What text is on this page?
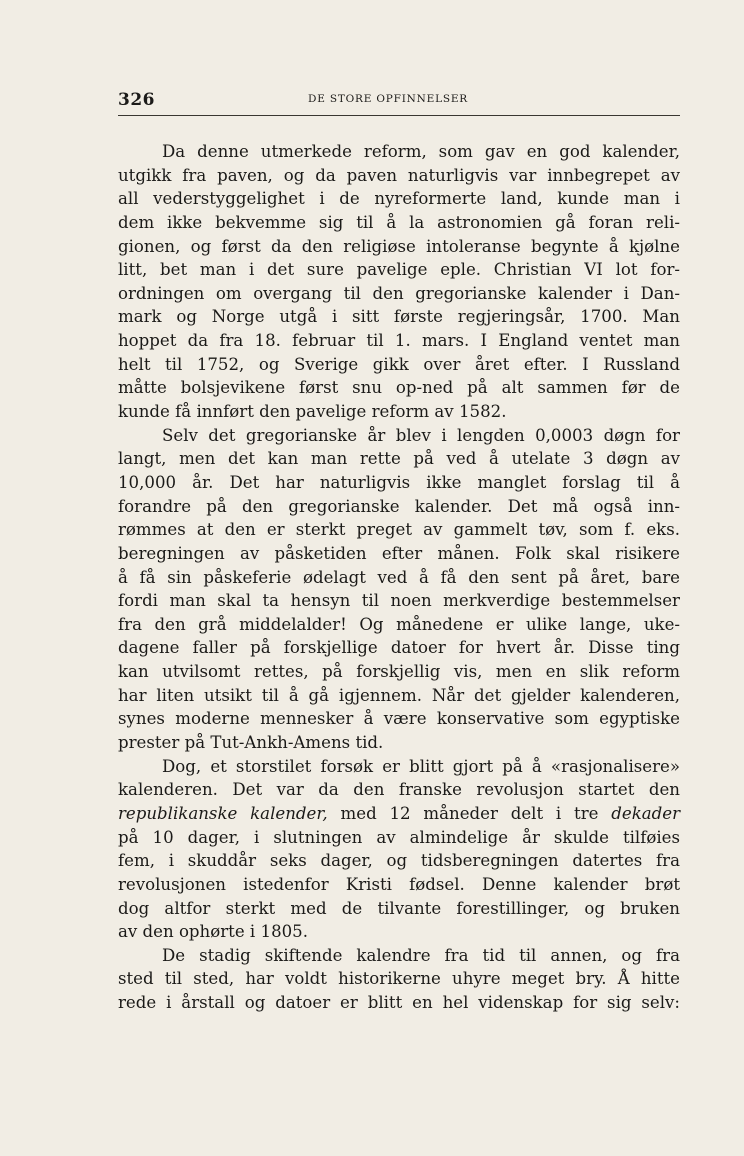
326	DE STORE OPFINNELSER
Da denne utmerkede reform, som gav en god kalender,
utgikk fra paven, og da paven naturligvis var innbegrepet av
all vederstyggelighet i de nyreformerte land, kunde man i
dem ikke bekvemme sig til å la astronomien gå foran reli-
gionen, og først da den religiøse intoleranse begynte å kjølne
litt, bet man i det sure pavelige eple. Christian VI lot for-
ordningen om overgang til den gregorianske kalender i Dan-
mark og Norge utgå i sitt første regjeringsår, 1700. Man
hoppet da fra 18. februar til 1. mars. I England ventet man
helt til 1752, og Sverige gikk over året efter. I Russland
måtte bolsjevikene først snu op-ned på alt sammen før de
kunde få innført den pavelige reform av 1582.
Selv det gregorianske år blev i lengden 0,0003 døgn for
langt, men det kan man rette på ved å utelate 3 døgn av
10,000 år. Det har naturligvis ikke manglet forslag til å
forandre på den gregorianske kalender. Det må også inn-
rømmes at den er sterkt preget av gammelt tøv, som f. eks.
beregningen av påsketiden efter månen. Folk skal risikere
å få sin påskeferie ødelagt ved å få den sent på året, bare
fordi man skal ta hensyn til noen merkverdige bestemmelser
fra den grå middelalder! Og månedene er ulike lange, uke-
dagene faller på forskjellige datoer for hvert år. Disse ting
kan utvilsomt rettes, på forskjellig vis, men en slik reform
har liten utsikt til å gå igjennem. Når det gjelder kalenderen,
synes moderne mennesker å være konservative som egyptiske
prester på Tut-Ankh-Amens tid.
Dog, et storstilet forsøk er blitt gjort på å «rasjonalisere»
kalenderen. Det var da den franske revolusjon startet den
republikanske kalender, med 12 måneder delt i tre dekader
på 10 dager, i slutningen av almindelige år skulde tilføies
fem, i skuddår seks dager, og tidsberegningen datertes fra
revolusjonen istedenfor Kristi fødsel. Denne kalender brøt
dog altfor sterkt med de tilvante forestillinger, og bruken
av den ophørte i 1805.
De stadig skiftende kalendre fra tid til annen, og fra
sted til sted, har voldt historikerne uhyre meget bry. Å hitte
rede i årstall og datoer er blitt en hel videnskap for sig selv:
